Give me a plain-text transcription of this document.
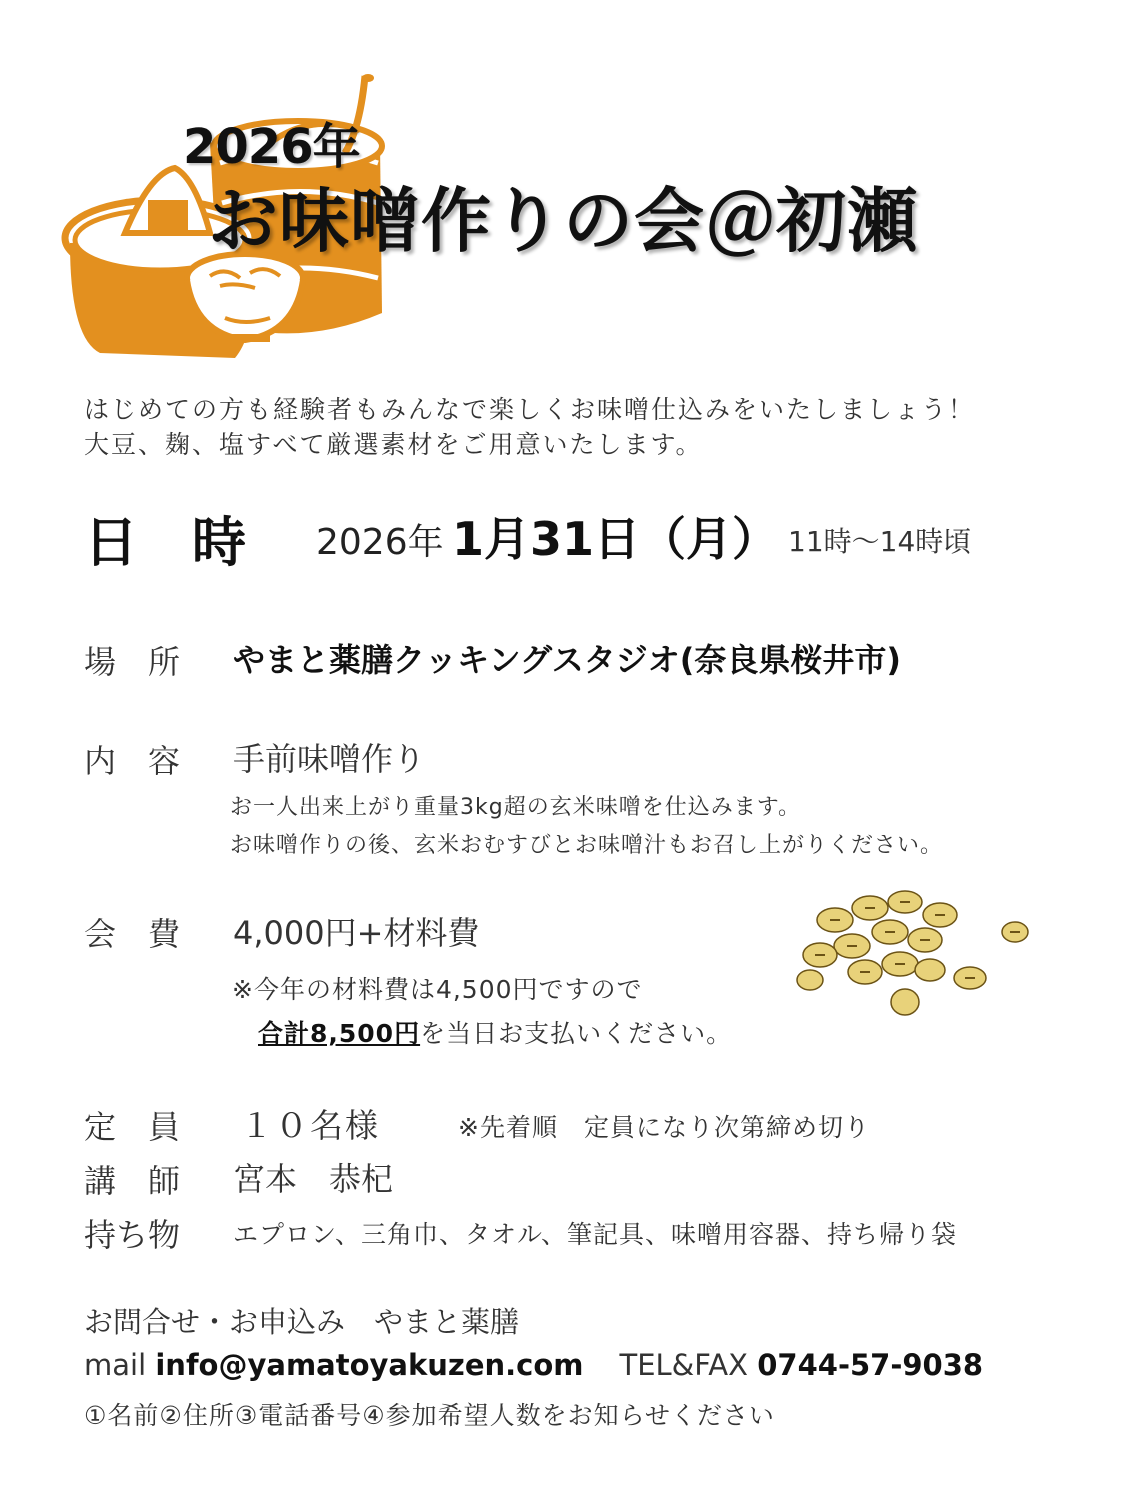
2026年
お味噌作りの会＠初瀬
はじめての方も経験者もみんなで楽しくお味噌仕込みをいたしましょう！
大豆、麹、塩すべて厳選素材をご用意いたします。
日　時 2026年 1月31日（月） 11時〜14時頃
場　所 やまと薬膳クッキングスタジオ(奈良県桜井市)
内　容 手前味噌作り
お一人出来上がり重量3kg超の玄米味噌を仕込みます。
お味噌作りの後、玄米おむすびとお味噌汁もお召し上がりください。
会　費 4,000円+材料費
※今年の材料費は4,500円ですので
合計8,500円を当日お支払いください。
定　員 １０名様	※先着順　定員になり次第締め切り
講　師 宮本　恭杞
持ち物 エプロン、三角巾、タオル、筆記具、味噌用容器、持ち帰り袋
お問合せ・お申込み　やまと薬膳
mail info@yamatoyakuzen.com TEL&FAX 0744-57-9038
①名前②住所③電話番号④参加希望人数をお知らせください
